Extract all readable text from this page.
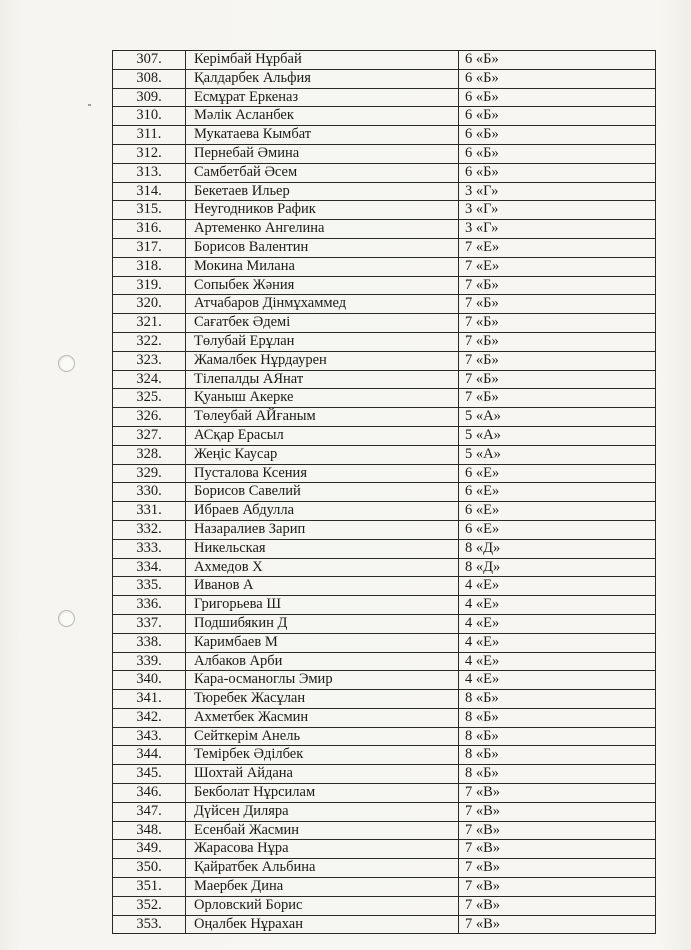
307.	Керімбай Нұрбай	6 «Б»
308.	Қалдарбек Альфия	6 «Б»
309.	Есмұрат Еркеназ	6 «Б»
310.	Мәлік Асланбек	6 «Б»
311.	Мукатаева Кымбат	6 «Б»
312.	Пернебай Әмина	6 «Б»
313.	Самбетбай Әсем	6 «Б»
314.	Бекетаев Ильер	3 «Г»
315.	Неугодников Рафик	3 «Г»
316.	Артеменко Ангелина	3 «Г»
317.	Борисов Валентин	7 «Е»
318.	Мокина Милана	7 «Е»
319.	Сопыбек Жәния	7 «Б»
320.	Атчабаров Дінмұхаммед	7 «Б»
321.	Сағатбек Әдемі	7 «Б»
322.	Төлубай Ерұлан	7 «Б»
323.	Жамалбек Нұрдаурен	7 «Б»
324.	Тілепалды АЯнат	7 «Б»
325.	Қуаныш Акерке	7 «Б»
326.	Төлеубай АЙғаным	5 «А»
327.	АСқар Ерасыл	5 «А»
328.	Жеңіс Каусар	5 «А»
329.	Пусталова Ксения	6 «Е»
330.	Борисов Савелий	6 «Е»
331.	Ибраев Абдулла	6 «Е»
332.	Назаралиев Зарип	6 «Е»
333.	Никельская	8 «Д»
334.	Ахмедов Х	8 «Д»
335.	Иванов А	4 «Е»
336.	Григорьева Ш	4 «Е»
337.	Подшибякин Д	4 «Е»
338.	Каримбаев М	4 «Е»
339.	Албаков Арби	4 «Е»
340.	Кара-османоглы Эмир	4 «Е»
341.	Тюребек Жасұлан	8 «Б»
342.	Ахметбек Жасмин	8 «Б»
343.	Сейткерім Анель	8 «Б»
344.	Темірбек Әділбек	8 «Б»
345.	Шохтай Айдана	8 «Б»
346.	Бекболат Нұрсилам	7 «В»
347.	Дүйсен Диляра	7 «В»
348.	Есенбай Жасмин	7 «В»
349.	Жарасова Нұра	7 «В»
350.	Қайратбек Альбина	7 «В»
351.	Маербек Дина	7 «В»
352.	Орловский Борис	7 «В»
353.	Оңалбек Нұрахан	7 «В»
